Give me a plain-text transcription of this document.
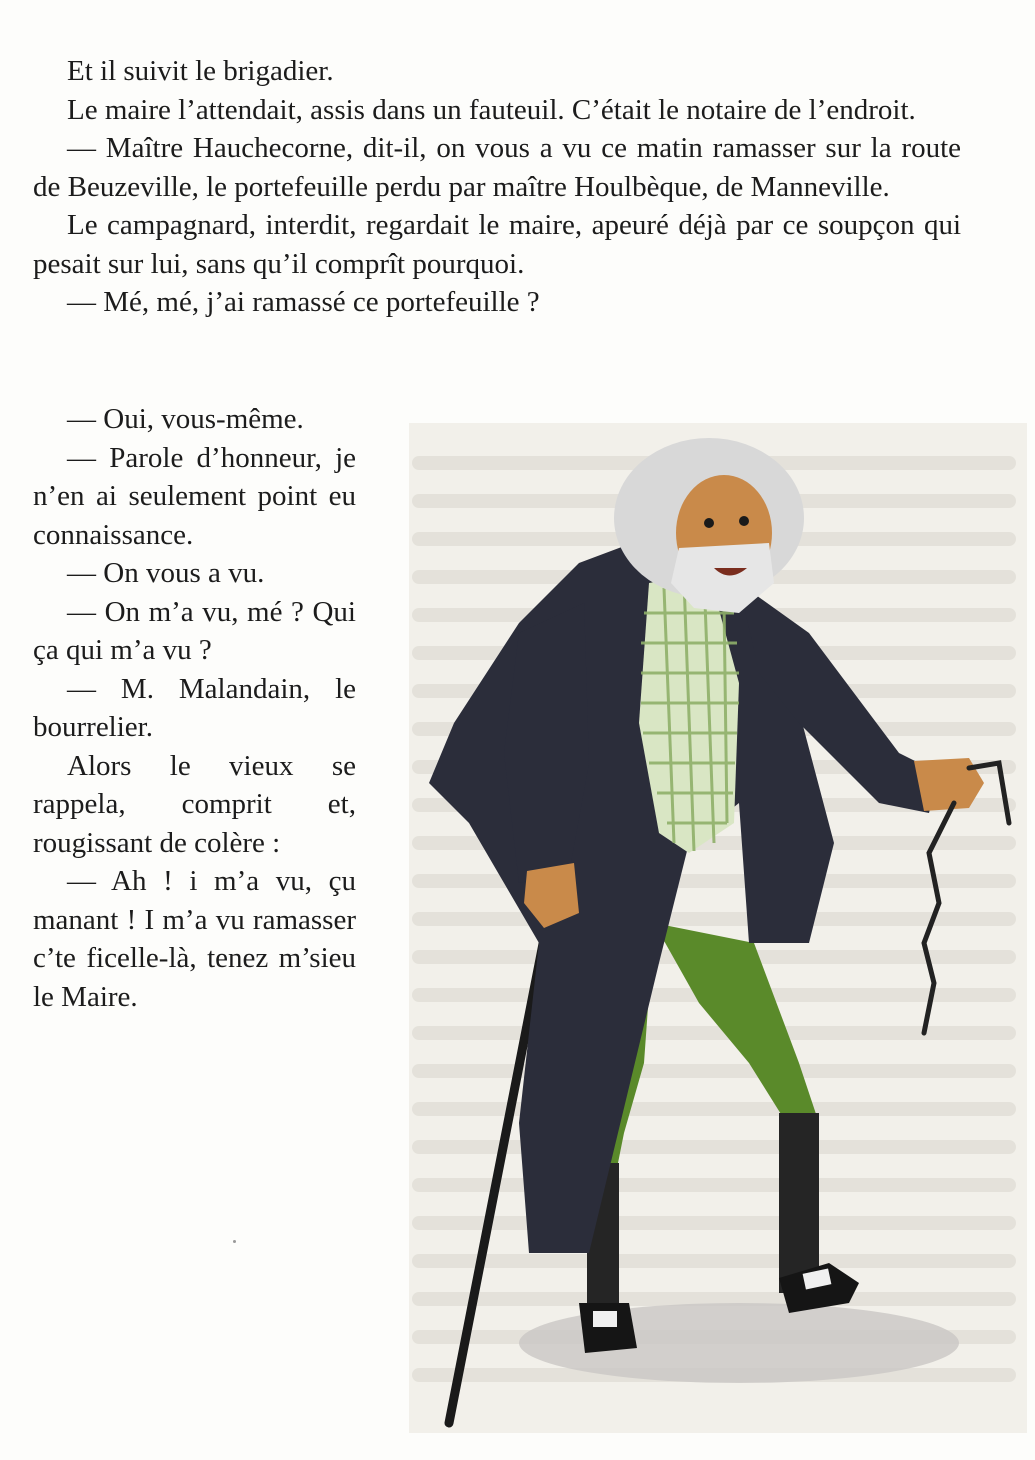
Et il suivit le brigadier.

Le maire l’attendait, assis dans un fauteuil. C’était le notaire de l’endroit.

— Maître Hauchecorne, dit-il, on vous a vu ce matin ramasser sur la route de Beuzeville, le portefeuille perdu par maître Houlbèque, de Manneville.

Le campagnard, interdit, regardait le maire, apeuré déjà par ce soupçon qui pesait sur lui, sans qu’il comprît pourquoi.

— Mé, mé, j’ai ramassé ce portefeuille ?

— Oui, vous-même.

— Parole d’honneur, je n’en ai seulement point eu connaissance.

— On vous a vu.

— On m’a vu, mé ? Qui ça qui m’a vu ?

— M. Malandain, le bourrelier.

Alors le vieux se rappela, comprit et, rougissant de colère :

— Ah ! i m’a vu, çu manant ! I m’a vu ramasser c’te ficelle-là, tenez m’sieu le Maire.
